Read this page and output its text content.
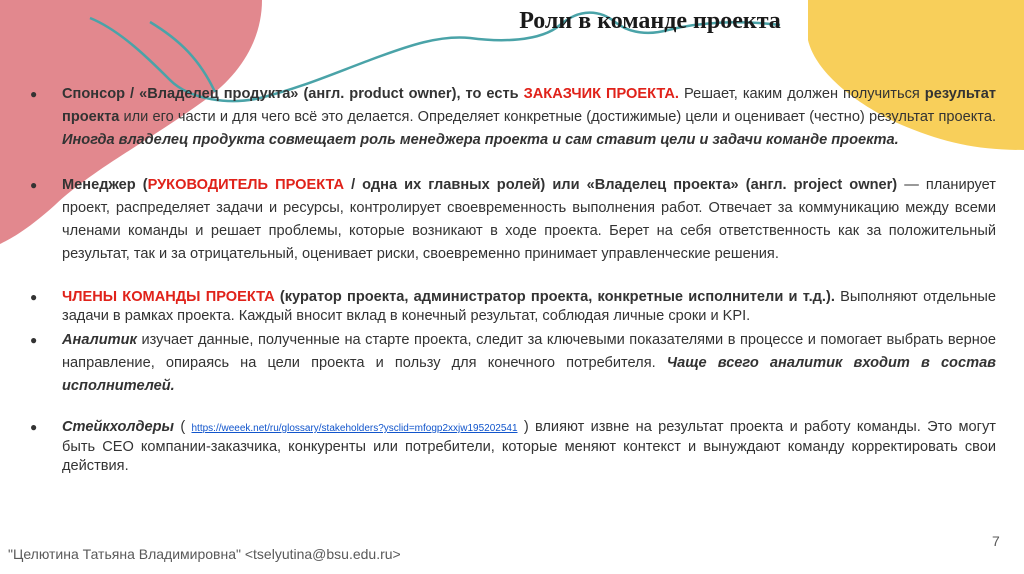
Роли в команде проекта
● Спонсор / «Владелец продукта» (англ. product owner), то есть ЗАКАЗЧИК ПРОЕКТА. Решает, каким должен получиться результат проекта или его части и для чего всё это делается. Определяет конкретные (достижимые) цели и оценивает (честно) результат проекта. Иногда владелец продукта совмещает роль менеджера проекта и сам ставит цели и задачи команде проекта.
● Менеджер (РУКОВОДИТЕЛЬ ПРОЕКТА / одна их главных ролей) или «Владелец проекта» (англ. project owner) — планирует проект, распределяет задачи и ресурсы, контролирует своевременность выполнения работ. Отвечает за коммуникацию между всеми членами команды и решает проблемы, которые возникают в ходе проекта. Берет на себя ответственность как за положительный результат, так и за отрицательный, оценивает риски, своевременно принимает управленческие решения.
● ЧЛЕНЫ КОМАНДЫ ПРОЕКТА (куратор проекта, администратор проекта, конкретные исполнители и т.д.). Выполняют отдельные задачи в рамках проекта. Каждый вносит вклад в конечный результат, соблюдая личные сроки и KPI.
● Аналитик изучает данные, полученные на старте проекта, следит за ключевыми показателями в процессе и помогает выбрать верное направление, опираясь на цели проекта и пользу для конечного потребителя. Чаще всего аналитик входит в состав исполнителей.
● Стейкхолдеры ( https://weeek.net/ru/glossary/stakeholders?ysclid=mfogp2xxjw195202541 ) влияют извне на результат проекта и работу команды. Это могут быть CEO компании-заказчика, конкуренты или потребители, которые меняют контекст и вынуждают команду корректировать свои действия.
7
"Целютина Татьяна Владимировна" <tselyutina@bsu.edu.ru>
